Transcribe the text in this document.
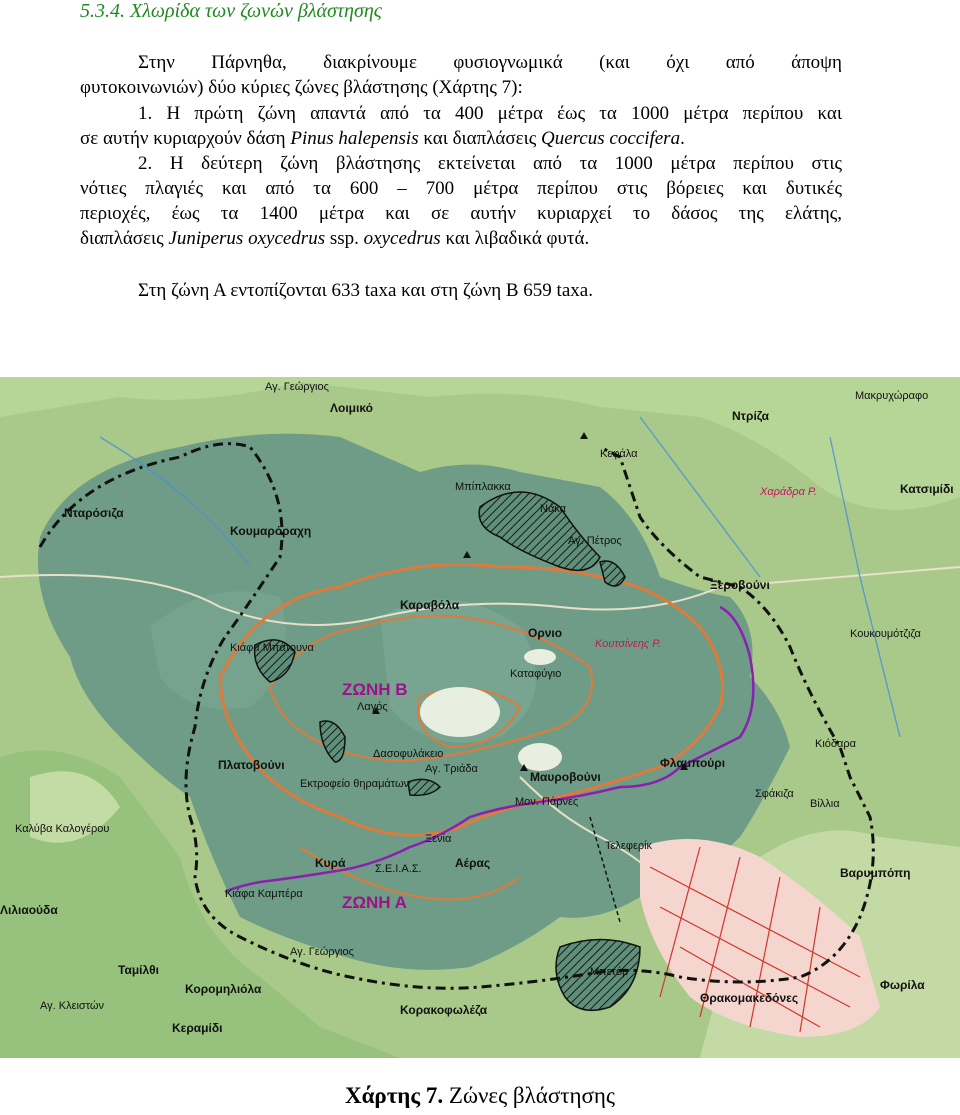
5.3.4. Χλωρίδα των ζωνών βλάστησης
Στην Πάρνηθα, διακρίνουμε φυσιογνωμικά (και όχι από άποψη
φυτοκοινωνιών) δύο κύριες ζώνες βλάστησης (Χάρτης 7):
1. Η πρώτη ζώνη απαντά από τα 400 μέτρα έως τα 1000 μέτρα περίπου και
σε αυτήν κυριαρχούν δάση Pinus halepensis και διαπλάσεις Quercus coccifera.
2. Η δεύτερη ζώνη βλάστησης εκτείνεται από τα 1000 μέτρα περίπου στις
νότιες πλαγιές και από τα 600 – 700 μέτρα περίπου στις βόρειες και δυτικές
περιοχές, έως τα 1400 μέτρα και σε αυτήν κυριαρχεί το δάσος της ελάτης,
διαπλάσεις Juniperus oxycedrus ssp. oxycedrus και λιβαδικά φυτά.
Στη ζώνη Α εντοπίζονται 633 taxa και στη ζώνη Β 659 taxa.
Αγ. Γεώργιος
Λοιμικό
Ντρίζα
Μακρυχώραφο
Νταρόσιζα
Κουμαρόραχη
Κεφάλα
Μπίπλακκα
Νάκα
Αγ. Πέτρος
Χαράδρα Ρ.	Κατσιμίδι
Καραβόλα
Ξεροβούνι
Ορνιο	Κουκουμότζιζα
Κιάφα Μπάτουνα
Καταφύγιο
Λαγός
Πλατοβούνι
Δασοφυλάκειο
Αγ. Τριάδα	Φλαμπούρι
Μαυροβούνι
Κιόδαρα
Εκτροφείο θηραμάτων
Μον. Πάρνες
Σφάκιζα
Βίλλια
Καλύβα Καλογέρου
Ξενία
Τελεφερίκ
Κυρά	Σ.Ε.Ι.Α.Σ.	Αέρας
Βαρυμπόπη
Λιλιαούδα
Κιάφα Καμπέρα
Αγ. Γεώργιος
Ταμίλθι	Μπετόρ
Κορομηλιόλα
Κορακοφωλέζα
Αγ. Κλειστών
Θρακομακεδόνες
Φωρίλα
Κεραμίδι
Κουτσίνεης Ρ.
ΖΩΝΗ Β
ΖΩΝΗ Α
Χάρτης 7. Ζώνες βλάστησης
